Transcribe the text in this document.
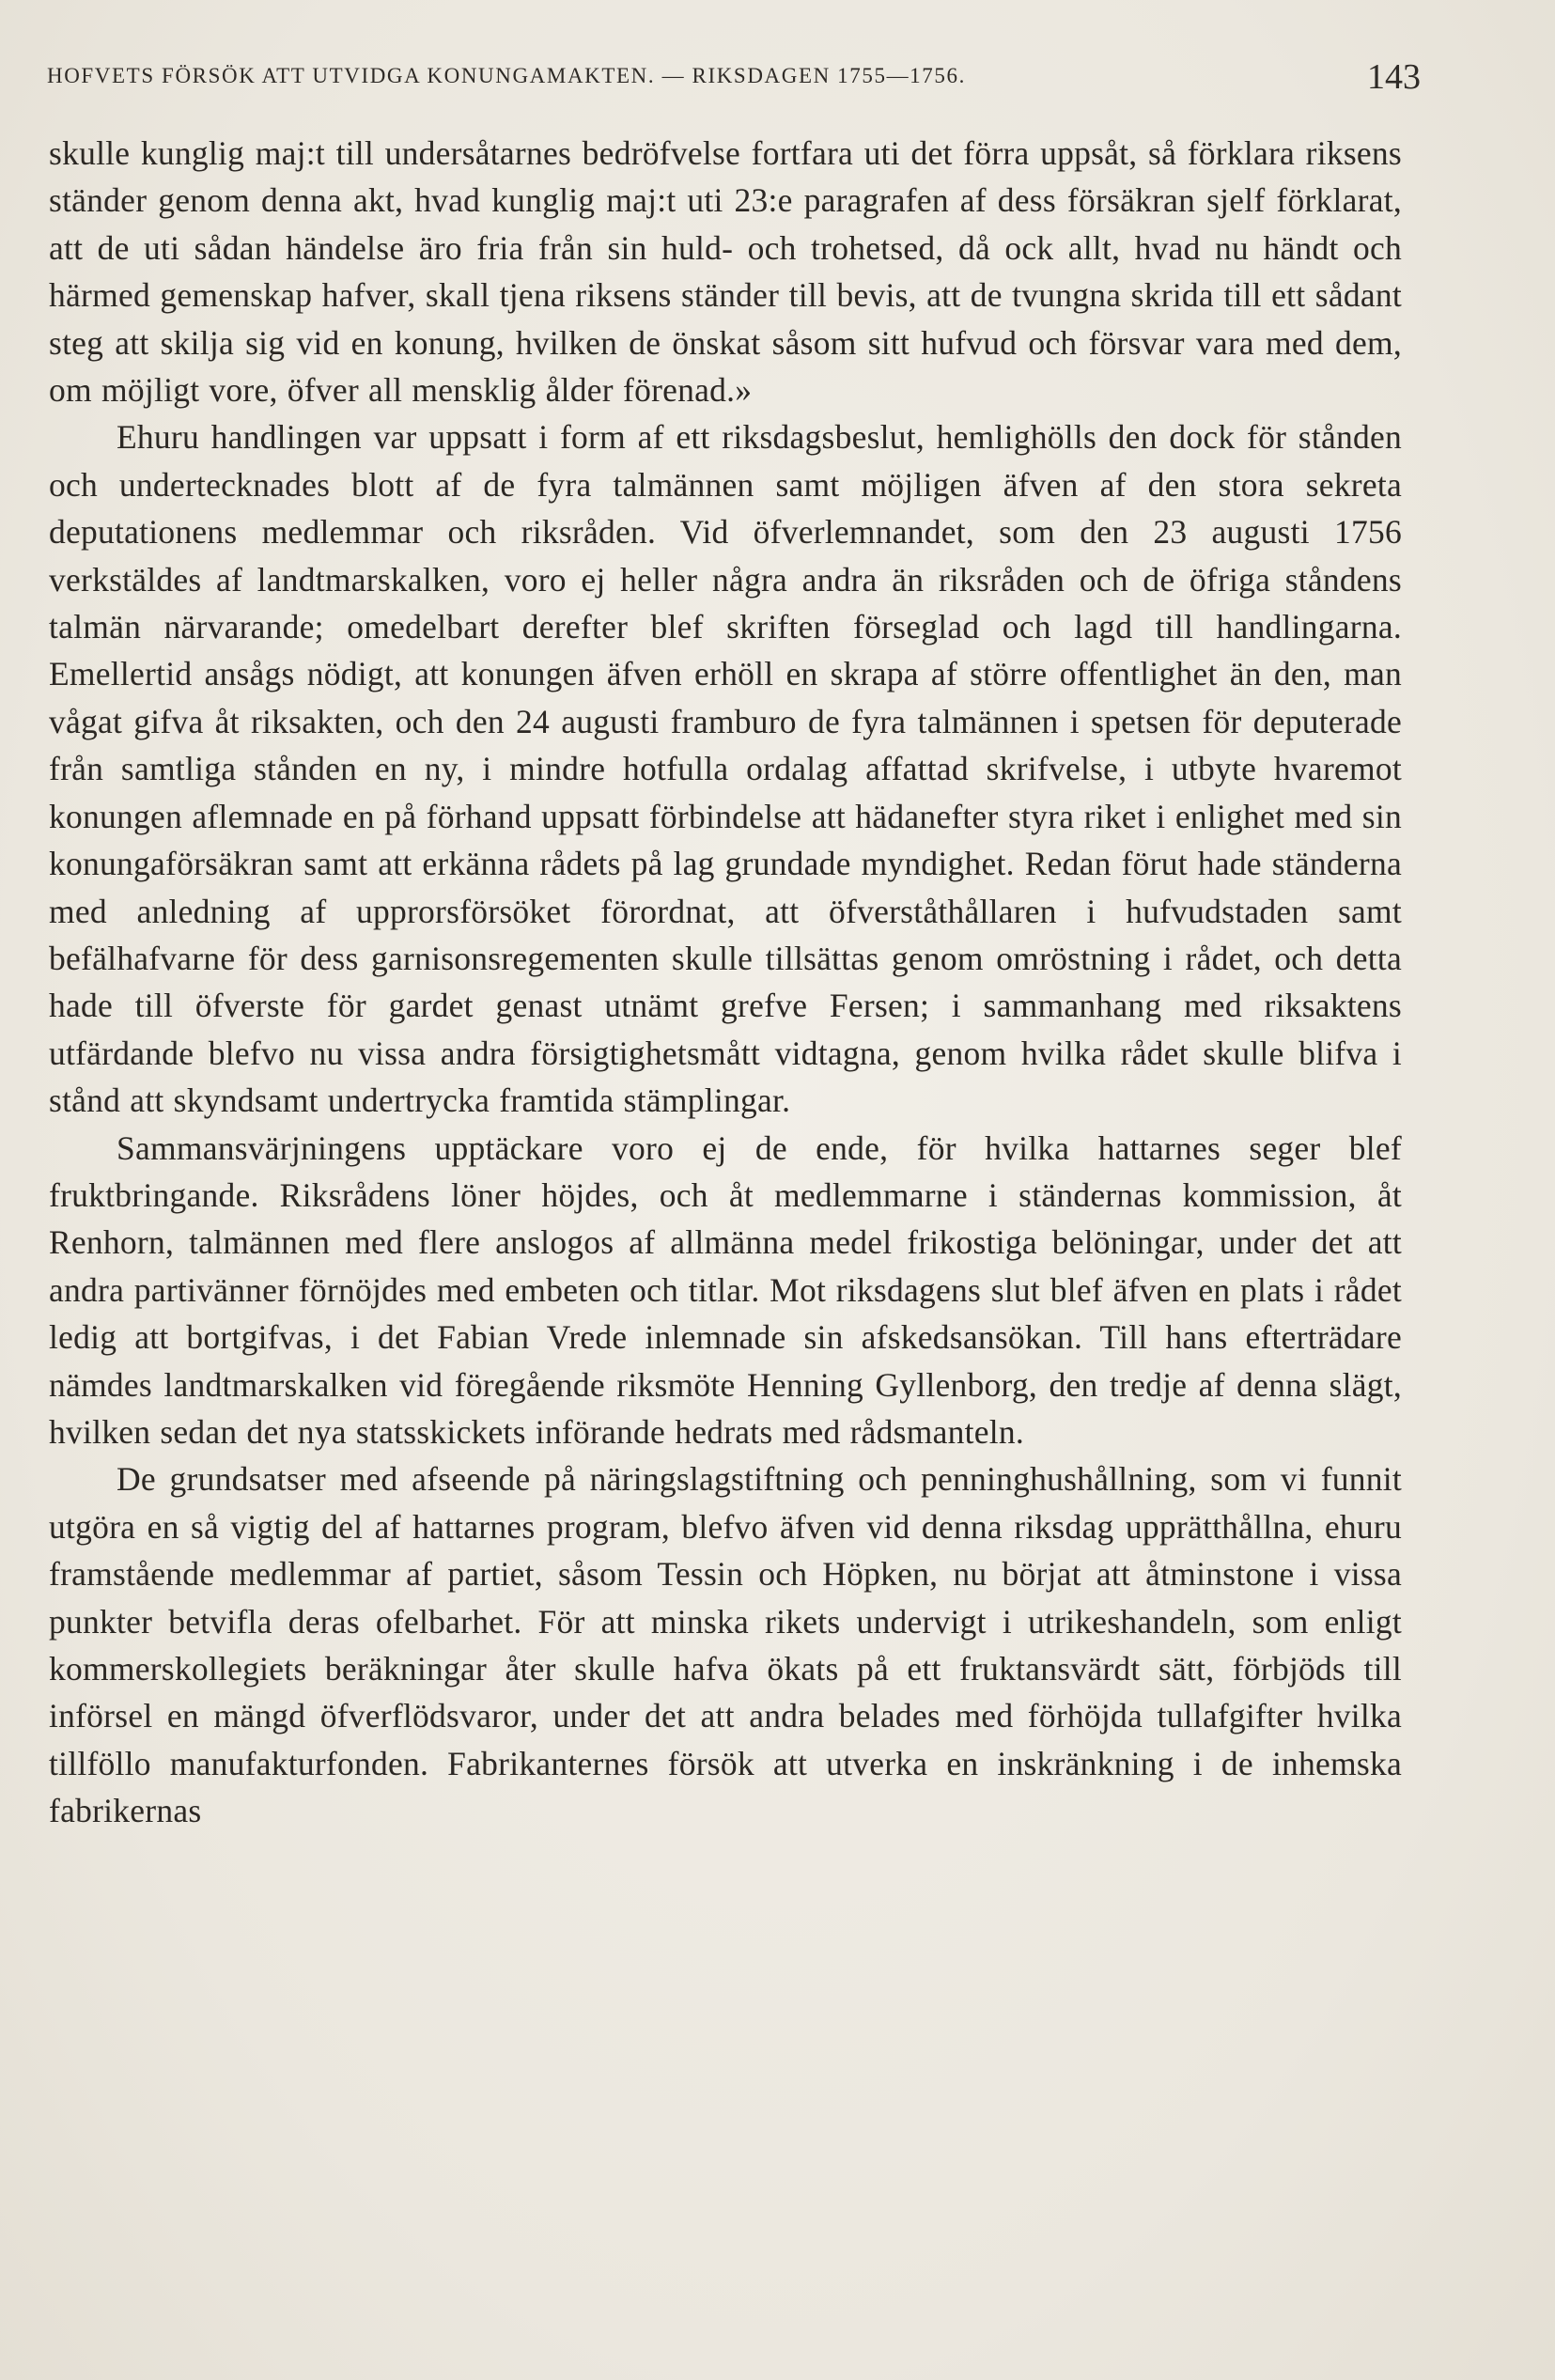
HOFVETS FÖRSÖK ATT UTVIDGA KONUNGAMAKTEN. — RIKSDAGEN 1755—1756.	143

skulle kunglig maj:t till undersåtarnes bedröfvelse fortfara uti det förra uppsåt, så förklara riksens ständer genom denna akt, hvad kunglig maj:t uti 23:e paragrafen af dess försäkran sjelf förklarat, att de uti sådan händelse äro fria från sin huld- och trohetsed, då ock allt, hvad nu händt och härmed gemenskap hafver, skall tjena riksens ständer till bevis, att de tvungna skrida till ett sådant steg att skilja sig vid en konung, hvilken de önskat såsom sitt hufvud och försvar vara med dem, om möjligt vore, öfver all mensklig ålder förenad.»

Ehuru handlingen var uppsatt i form af ett riksdagsbeslut, hemlighölls den dock för stånden och undertecknades blott af de fyra talmännen samt möjligen äfven af den stora sekreta deputationens medlemmar och riksråden. Vid öfverlemnandet, som den 23 augusti 1756 verkstäldes af landtmarskalken, voro ej heller några andra än riksråden och de öfriga ståndens talmän närvarande; omedelbart derefter blef skriften förseglad och lagd till handlingarna. Emellertid ansågs nödigt, att konungen äfven erhöll en skrapa af större offentlighet än den, man vågat gifva åt riksakten, och den 24 augusti framburo de fyra talmännen i spetsen för deputerade från samtliga stånden en ny, i mindre hotfulla ordalag affattad skrifvelse, i utbyte hvaremot konungen aflemnade en på förhand uppsatt förbindelse att hädanefter styra riket i enlighet med sin konungaförsäkran samt att erkänna rådets på lag grundade myndighet. Redan förut hade ständerna med anledning af upprorsförsöket förordnat, att öfverståthållaren i hufvudstaden samt befälhafvarne för dess garnisonsregementen skulle tillsättas genom omröstning i rådet, och detta hade till öfverste för gardet genast utnämt grefve Fersen; i sammanhang med riksaktens utfärdande blefvo nu vissa andra försigtighetsmått vidtagna, genom hvilka rådet skulle blifva i stånd att skyndsamt undertrycka framtida stämplingar.

Sammansvärjningens upptäckare voro ej de ende, för hvilka hattarnes seger blef fruktbringande. Riksrådens löner höjdes, och åt medlemmarne i ständernas kommission, åt Renhorn, talmännen med flere anslogos af allmänna medel frikostiga belöningar, under det att andra partivänner förnöjdes med embeten och titlar. Mot riksdagens slut blef äfven en plats i rådet ledig att bortgifvas, i det Fabian Vrede inlemnade sin afskedsansökan. Till hans efterträdare nämdes landtmarskalken vid föregående riksmöte Henning Gyllenborg, den tredje af denna slägt, hvilken sedan det nya statsskickets införande hedrats med rådsmanteln.

De grundsatser med afseende på näringslagstiftning och penninghushållning, som vi funnit utgöra en så vigtig del af hattarnes program, blefvo äfven vid denna riksdag upprätthållna, ehuru framstående medlemmar af partiet, såsom Tessin och Höpken, nu börjat att åtminstone i vissa punkter betvifla deras ofelbarhet. För att minska rikets undervigt i utrikeshandeln, som enligt kommerskollegiets beräkningar åter skulle hafva ökats på ett fruktansvärdt sätt, förbjöds till införsel en mängd öfverflödsvaror, under det att andra belades med förhöjda tullafgifter hvilka tillföllo manufakturfonden. Fabrikanternes försök att utverka en inskränkning i de inhemska fabrikernas
